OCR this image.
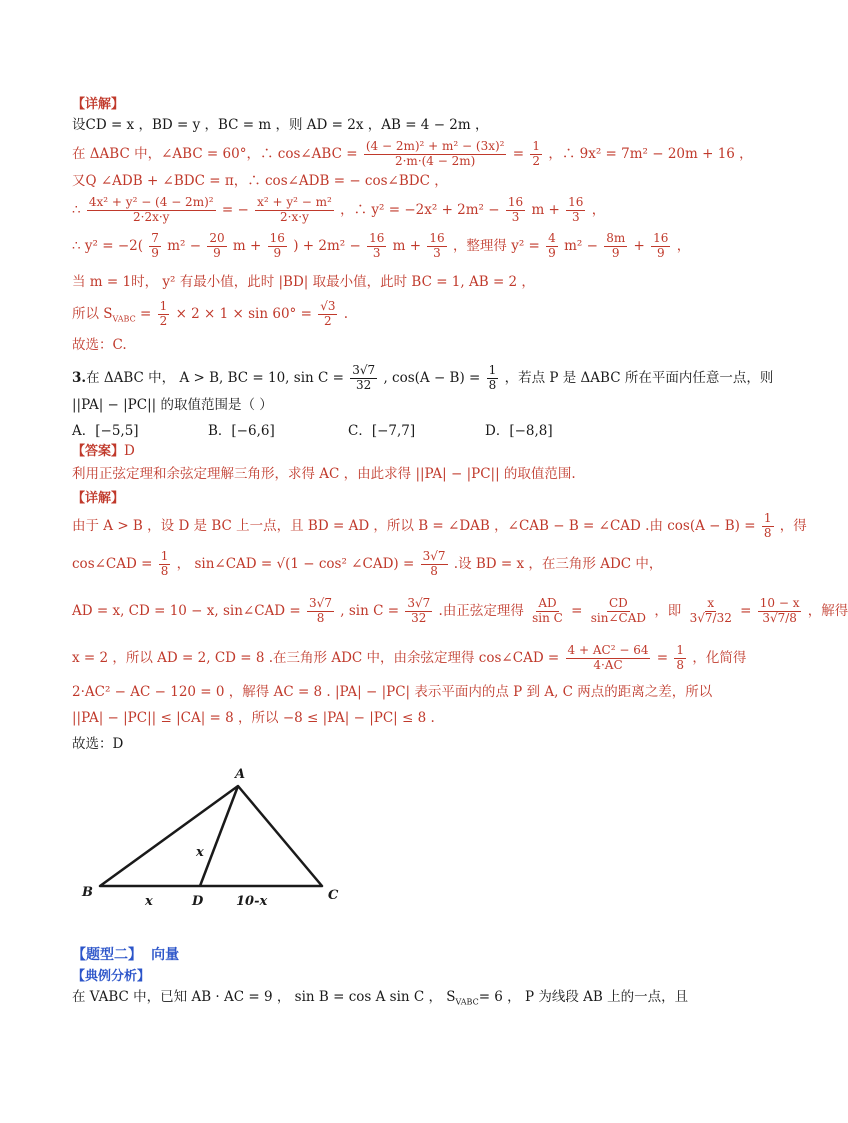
【详解】
设CD = x ，BD = y ，BC = m ，则 AD = 2x ，AB = 4 − 2m ，
在 ΔABC 中，∠ABC = 60°，∴ cos∠ABC = $\frac{\text{(4 − 2m)² + m² − (3x)²}}{2\cdot m\cdot(4 - 2m)} = \frac{1}{2}$ ，∴ 9x² = 7m² − 20m + 16 ，
又Q ∠ADB + ∠BDC = π，∴ cos∠ADB = − cos∠BDC ，
∴ $\frac{\text{4x² + y² − (4 − 2m)²}}{2\cdot 2x\cdot y}$ = − $\frac{\text{x² + y² − m²}}{2\cdot x\cdot y}$ ，∴ $y^2 = -2x^2 + 2m^2 - \frac{16}{3}$ $m + \frac{16}{3}$ ，
∴ $y^2 = -2( \frac{7}{9} m^2 - \frac{20}{9}$ $m + \frac{16}{9}$ ) + $2m^2 - \frac{16}{3}$ $m + \frac{16}{3}$ ，整理得 $y^2 = \frac{4}{9} m^2 - \frac{8m}{9} + \frac{16}{9}$ ，
当 m = 1时， y² 有最小值，此时 |BD| 取最小值，此时 BC = 1, AB = 2 ，
所以 $S_{VABC} = \frac{1}{2} \times 2 \times 1 \times \sin 60^\circ = \frac{√3}{2}$ .
故选：C.
3.在 ΔABC 中， A > B, BC = 10, $\sin C = \frac{3√7}{32}$ , $\cos(A - B) = \frac{1}{8}$ ，若点 P 是 ΔABC 所在平面内任意一点，则
||PA| − |PC|| 的取值范围是（ ）
A．[−5,5]	B．[−6,6]	C．[−7,7]	D．[−8,8]
【答案】D
利用正弦定理和余弦定理解三角形，求得 AC ，由此求得 ||PA| − |PC|| 的取值范围.
【详解】
由于 A > B ，设 D 是 BC 上一点，且 BD = AD ，所以 B = ∠DAB ，∠CAB − B = ∠CAD .由 $\cos(A - B) = \frac{1}{8}$ ，得
cos∠CAD = $\frac{1}{8}$ ， sin∠CAD = √(1 − cos² ∠CAD) = $\frac{3√7}{8}$ .设 BD = x ，在三角形 ADC 中，
AD = x, CD = 10 − x, sin∠CAD = $\frac{3√7}{8}$ , $\sin C = \frac{3√7}{32}$ .由正弦定理得 $\frac{AD}{\text{sin C}} = \frac{CD}{\text{sin∠CAD}}$ ，即 $\frac{x}{3√7/32} = \frac{10 - x}{3√7/8}$ ，解得
x = 2 ，所以 AD = 2, CD = 8 .在三角形 ADC 中，由余弦定理得 cos∠CAD = $\frac{\text{4 + AC² − 64}}{4\cdot AC} = \frac{1}{8}$ ，化简得
2·AC² − AC − 120 = 0 ，解得 AC = 8 . |PA| − |PC| 表示平面内的点 P 到 A, C 两点的距离之差，所以
||PA| − |PC|| ≤ |CA| = 8 ，所以 −8 ≤ |PA| − |PC| ≤ 8 .
故选：D
A
B	C
D
x
x	10-x
【题型二】 向量
【典例分析】
在 VABC 中，已知 AB · AC = 9 ， sin B = cos A sin C ， $S_{VABC}= 6$ ， P 为线段 AB 上的一点，且
